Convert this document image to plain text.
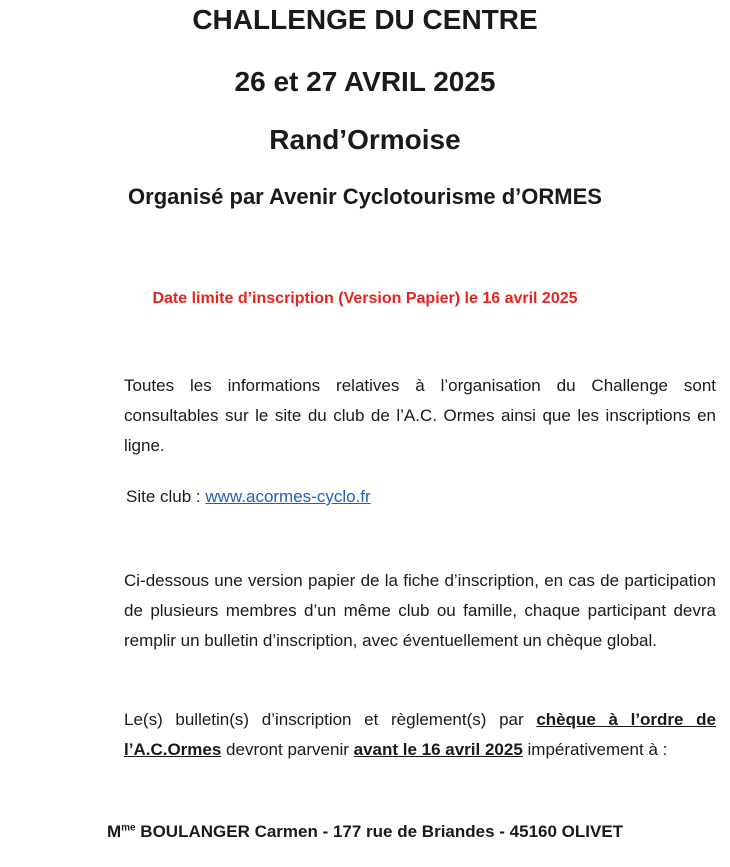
CHALLENGE DU CENTRE
26 et 27 AVRIL 2025
Rand’Ormoise
Organisé par Avenir Cyclotourisme d’ORMES
Date limite d’inscription (Version Papier) le 16 avril 2025
Toutes les informations relatives à l’organisation du Challenge sont consultables sur le site du club de l’A.C. Ormes ainsi que les inscriptions en ligne.
Site club : www.acormes-cyclo.fr
Ci-dessous une version papier de la fiche d’inscription, en cas de participation de plusieurs membres d’un même club ou famille, chaque participant devra remplir un bulletin d’inscription, avec éventuellement un chèque global.
Le(s) bulletin(s) d’inscription et règlement(s) par chèque à l’ordre de l’A.C.Ormes devront parvenir avant le 16 avril 2025 impérativement à :
$M^{me}$ BOULANGER Carmen - 177 rue de Briandes - 45160 OLIVET
